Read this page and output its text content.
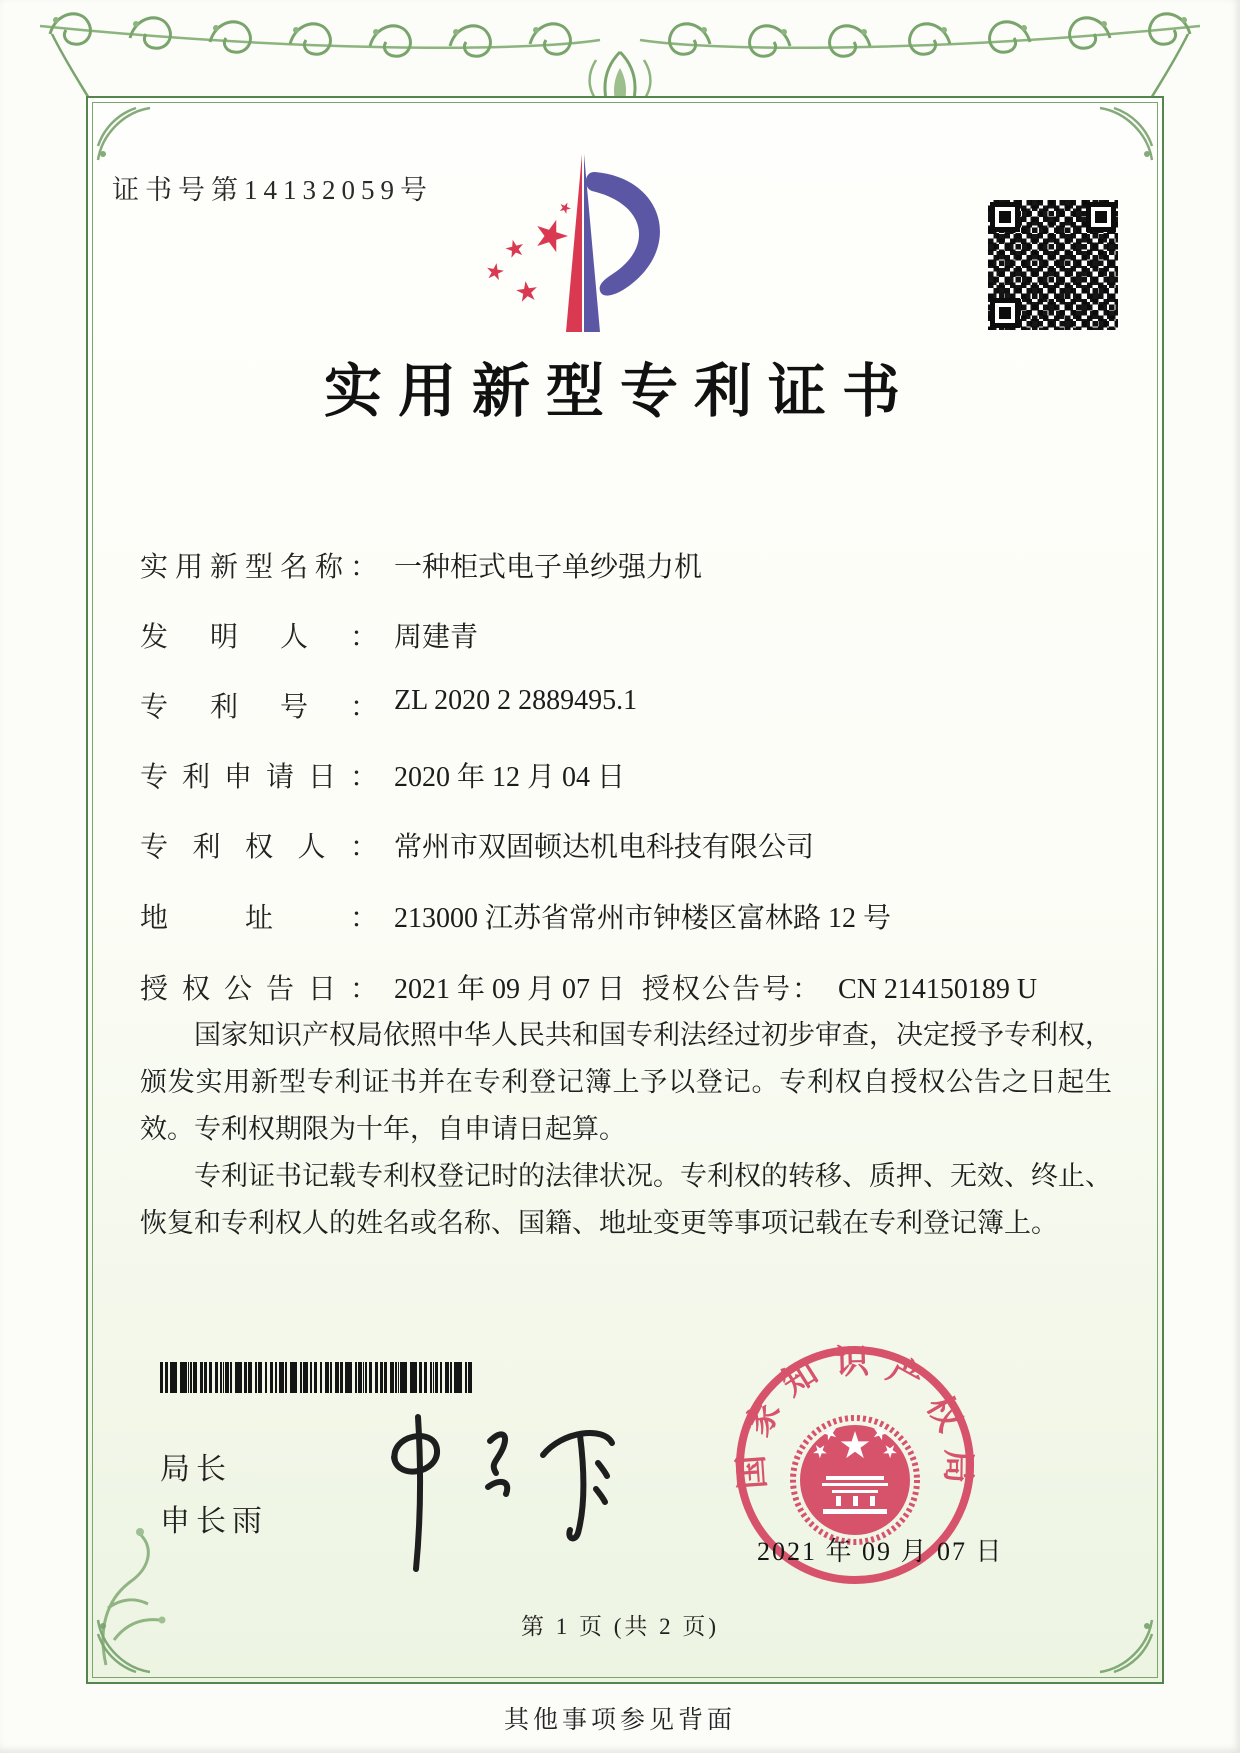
证书号第14132059号
实用新型专利证书
实用新型名称： 一种柜式电子单纱强力机
发明人： 周建青
专利号： ZL 2020 2 2889495.1
专利申请日： 2020 年 12 月 04 日
专利权人： 常州市双固顿达机电科技有限公司
地址： 213000 江苏省常州市钟楼区富林路 12 号
授权公告日： 2021 年 09 月 07 日 授权公告号： CN 214150189 U

国家知识产权局依照中华人民共和国专利法经过初步审查，决定授予专利权，颁发实用新型专利证书并在专利登记簿上予以登记。专利权自授权公告之日起生效。专利权期限为十年，自申请日起算。

专利证书记载专利权登记时的法律状况。专利权的转移、质押、无效、终止、恢复和专利权人的姓名或名称、国籍、地址变更等事项记载在专利登记簿上。

局长
申长雨
国家知识产权局
2021 年 09 月 07 日
第 1 页 (共 2 页)
其他事项参见背面
